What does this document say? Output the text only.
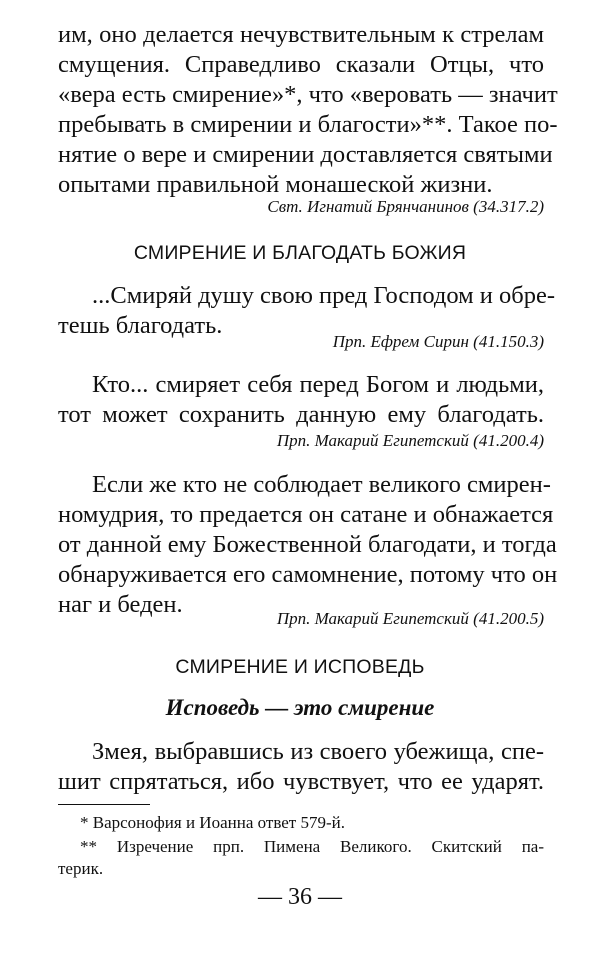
им, оно делается нечувствительным к стрелам
смущения. Справедливо сказали Отцы, что
«вера есть смирение»*, что «веровать — значит
пребывать в смирении и благости»**. Такое по-
нятие о вере и смирении доставляется святыми
опытами правильной монашеской жизни.

Свт. Игнатий Брянчанинов (34.317.2)
СМИРЕНИЕ И БЛАГОДАТЬ БОЖИЯ

...Смиряй душу свою пред Господом и обре-
тешь благодать.

Прп. Ефрем Сирин (41.150.3)

Кто... смиряет себя перед Богом и людьми,
тот может сохранить данную ему благодать.

Прп. Макарий Египетский (41.200.4)

Если же кто не соблюдает великого смирен-
номудрия, то предается он сатане и обнажается
от данной ему Божественной благодати, и тогда
обнаруживается его самомнение, потому что он
наг и беден.

Прп. Макарий Египетский (41.200.5)
СМИРЕНИЕ И ИСПОВЕДЬ
Исповедь — это смирение

Змея, выбравшись из своего убежища, спе-
шит спрятаться, ибо чувствует, что ее ударят.

* Варсонофия и Иоанна ответ 579-й.
** Изречение прп. Пимена Великого. Скитский па-
терик.
— 36 —
